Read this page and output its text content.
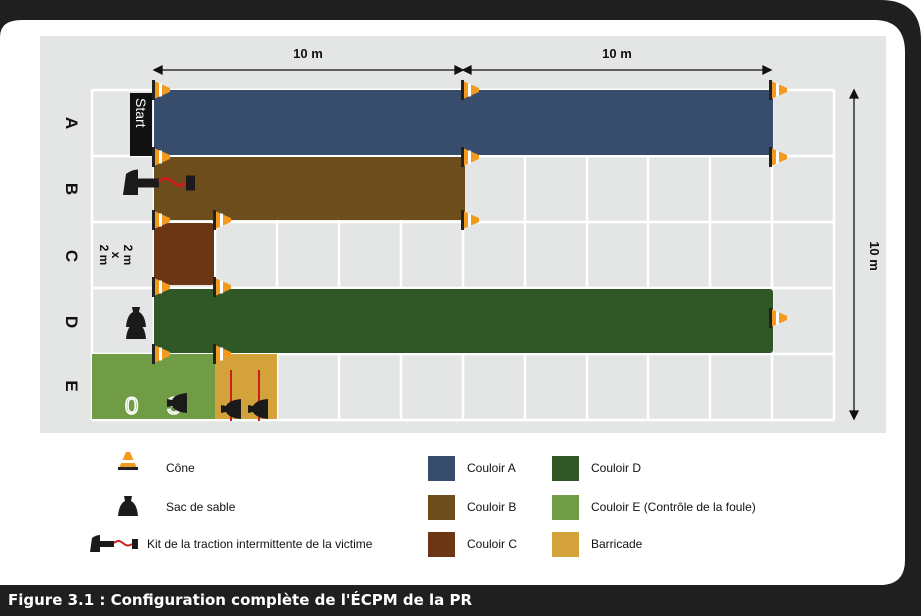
0
Start
10 m	10 m
10 m
2 m
x
2 m
A
B
C
D
E
Cône
Sac de sable
Kit de la traction intermittente de la victime
Couloir A
Couloir B
Couloir C
Couloir D
Couloir E (Contrôle de la foule)
Barricade
Figure 3.1 : Configuration complète de l'ÉCPM de la PR
